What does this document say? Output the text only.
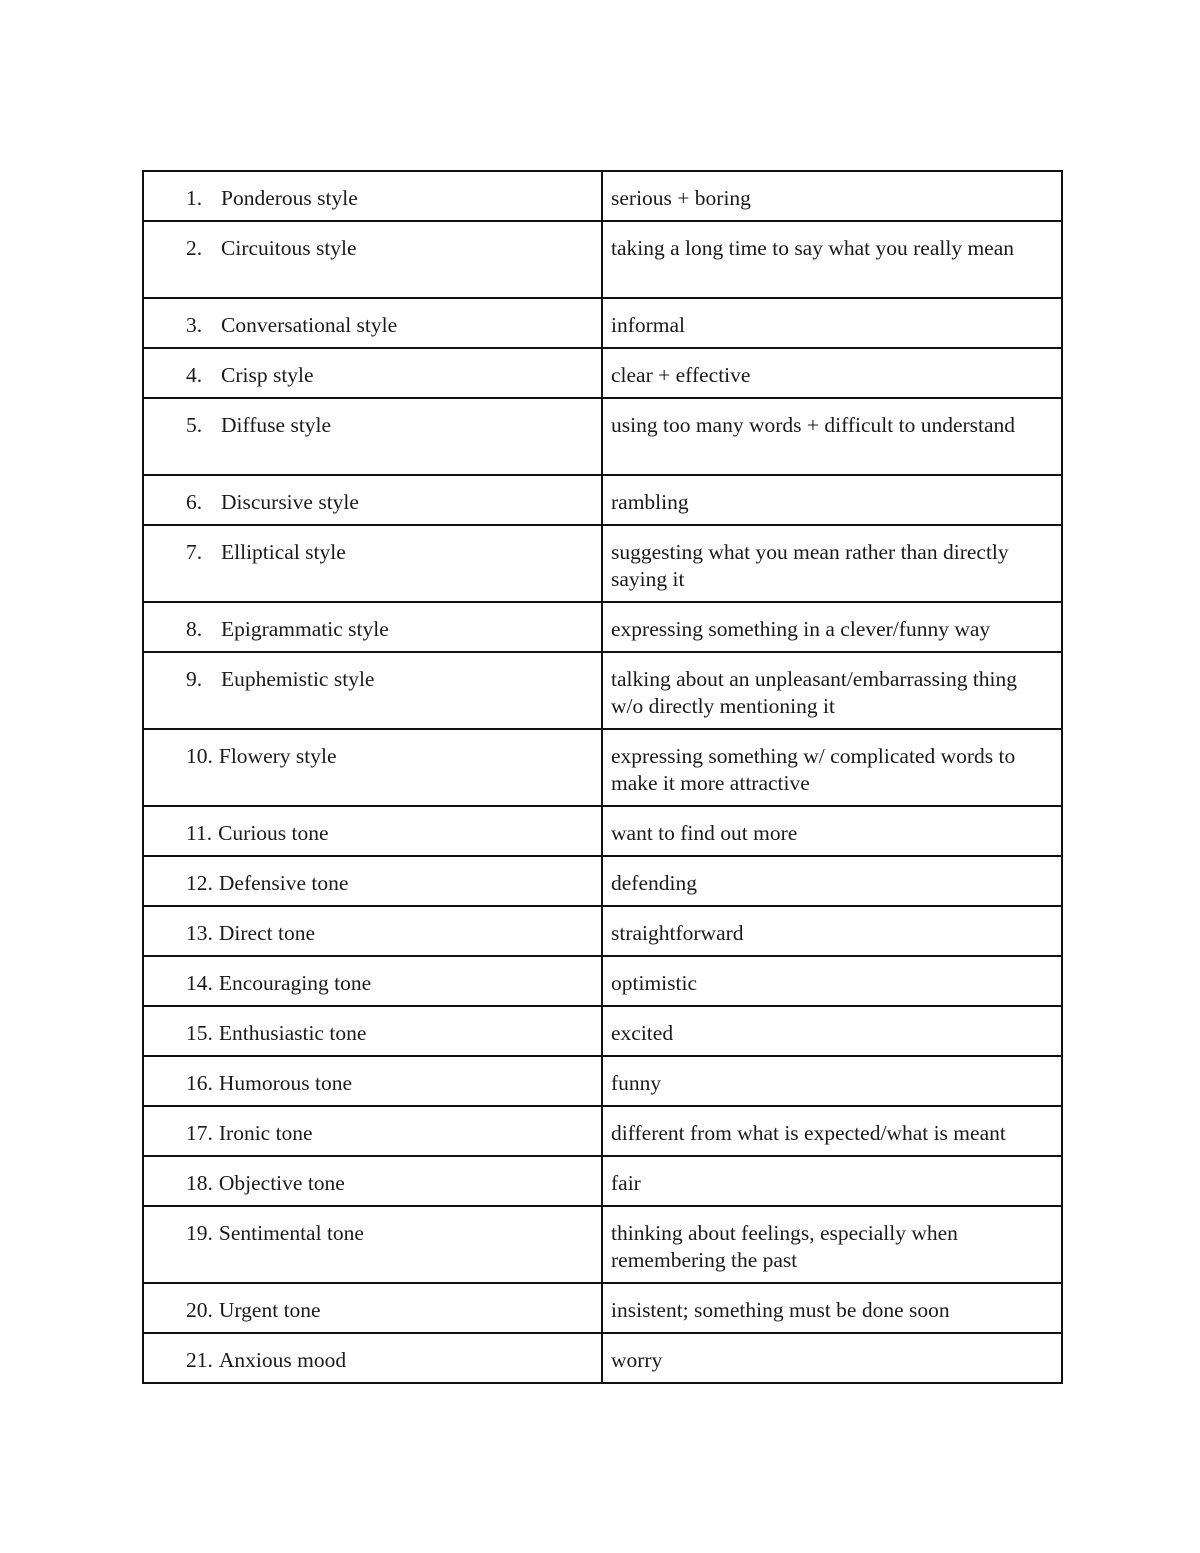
1. Ponderous style	serious + boring
2. Circuitous style	taking a long time to say what you really mean
3. Conversational style	informal
4. Crisp style	clear + effective
5. Diffuse style	using too many words + difficult to understand
6. Discursive style	rambling
7. Elliptical style	suggesting what you mean rather than directly saying it
8. Epigrammatic style	expressing something in a clever/funny way
9. Euphemistic style	talking about an unpleasant/embarrassing thing w/o directly mentioning it
10. Flowery style	expressing something w/ complicated words to make it more attractive
11. Curious tone	want to find out more
12. Defensive tone	defending
13. Direct tone	straightforward
14. Encouraging tone	optimistic
15. Enthusiastic tone	excited
16. Humorous tone	funny
17. Ironic tone	different from what is expected/what is meant
18. Objective tone	fair
19. Sentimental tone	thinking about feelings, especially when remembering the past
20. Urgent tone	insistent; something must be done soon
21. Anxious mood	worry
